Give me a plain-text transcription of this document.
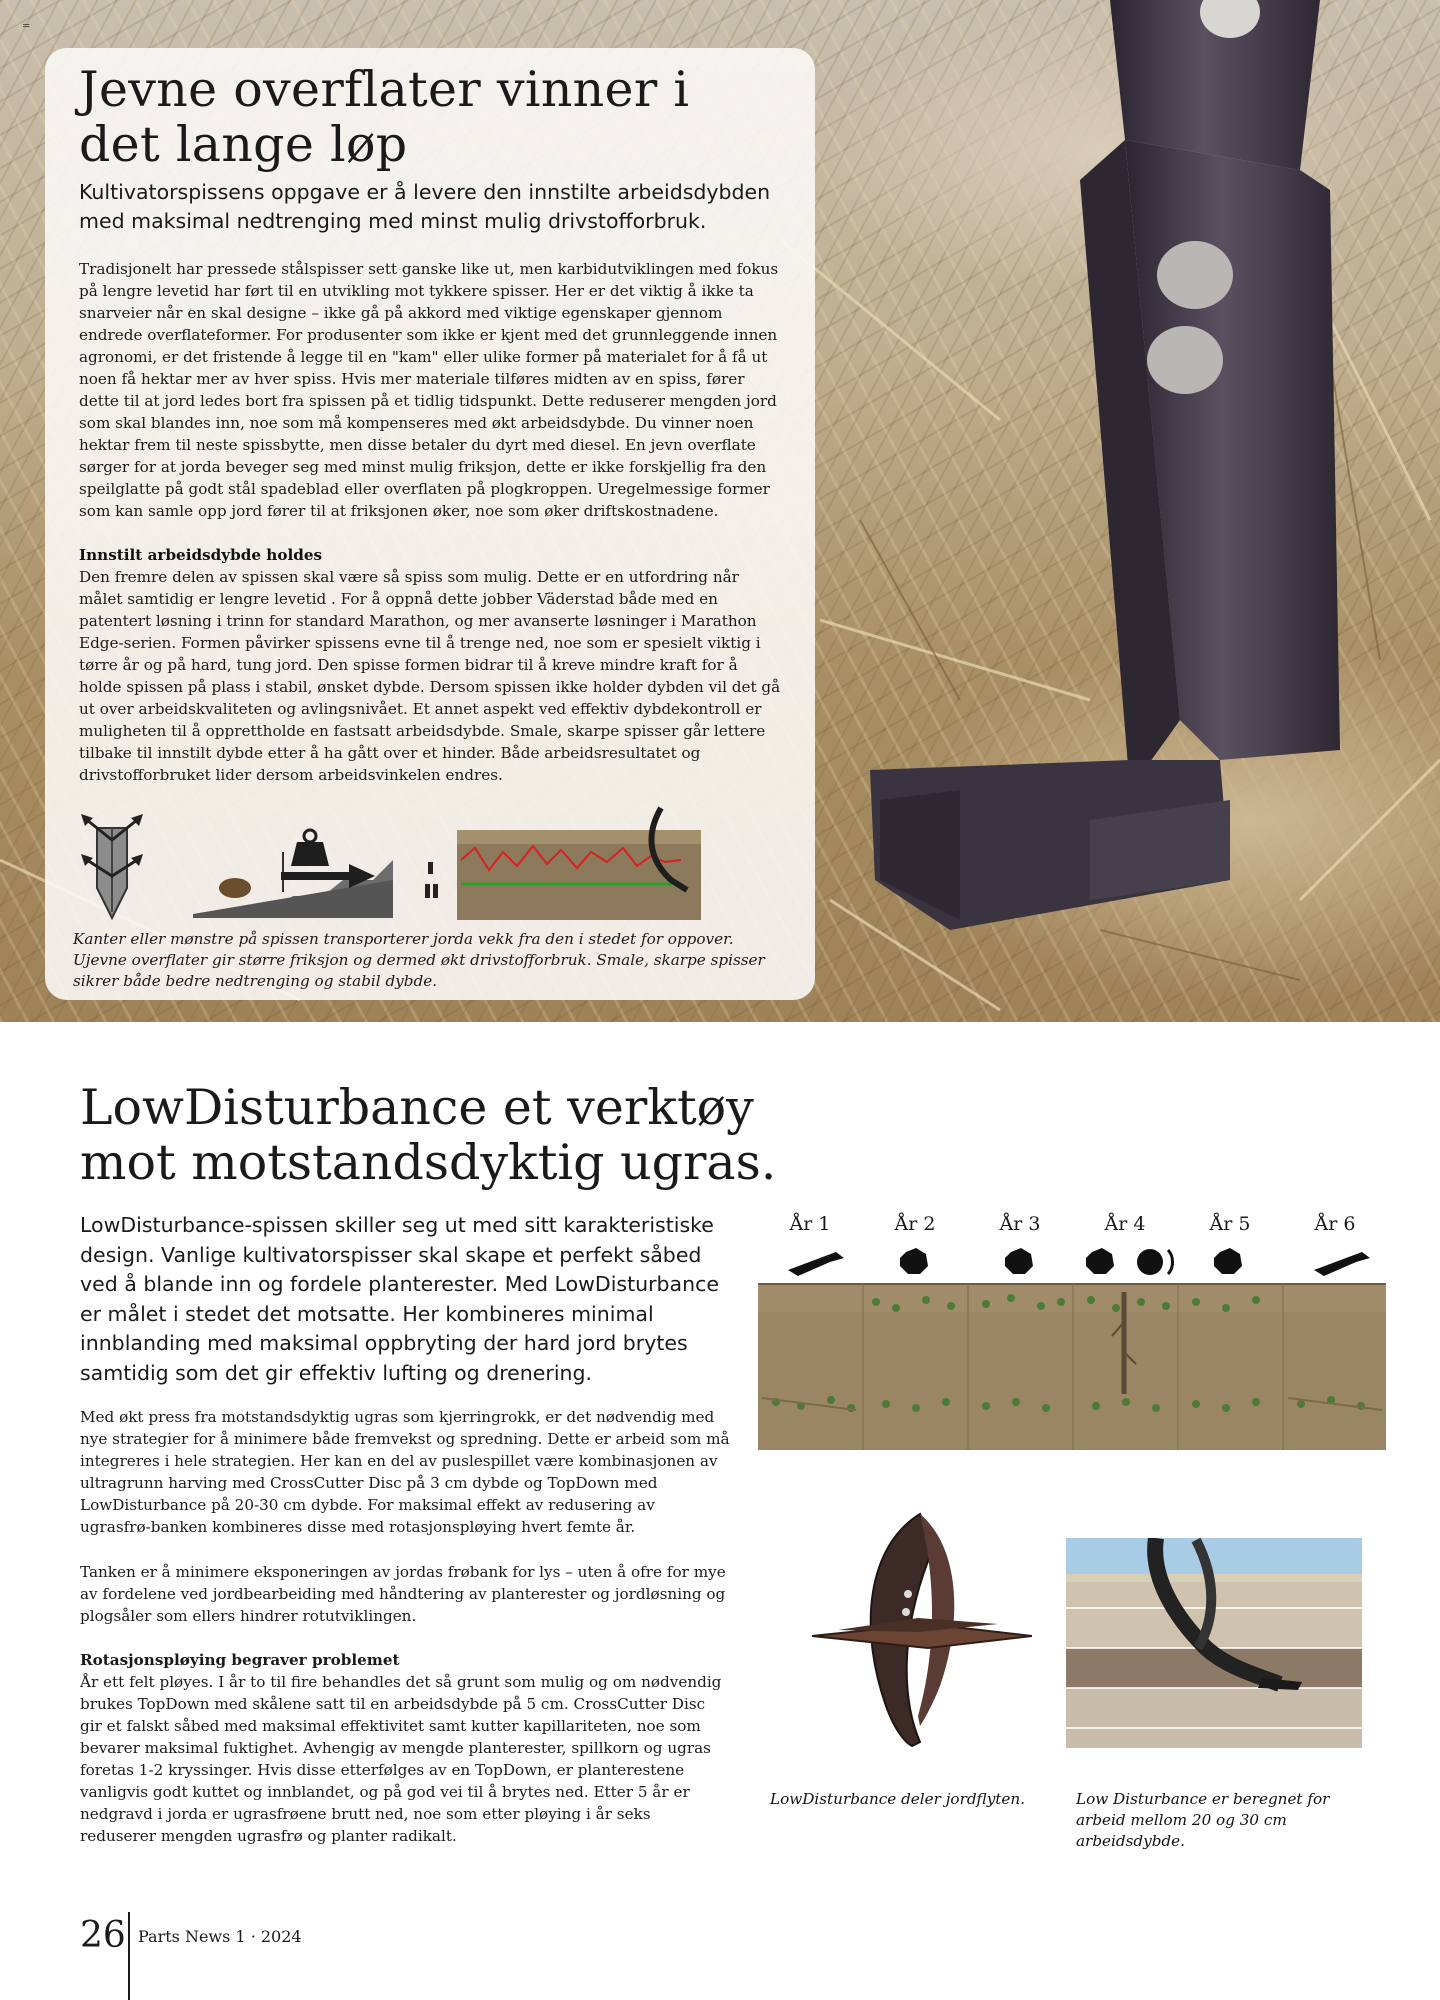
=
Jevne overflater vinner i det lange løp

Kultivatorspissens oppgave er å levere den innstilte arbeidsdybden med maksimal nedtrenging med minst mulig drivstofforbruk.

Tradisjonelt har pressede stålspisser sett ganske like ut, men karbidutviklingen med fokus på lengre levetid har ført til en utvikling mot tykkere spisser. Her er det viktig å ikke ta snarveier når en skal designe – ikke gå på akkord med viktige egenskaper gjennom endrede overflateformer. For produsenter som ikke er kjent med det grunnleggende innen agronomi, er det fristende å legge til en "kam" eller ulike former på materialet for å få ut noen få hektar mer av hver spiss. Hvis mer materiale tilføres midten av en spiss, fører dette til at jord ledes bort fra spissen på et tidlig tidspunkt. Dette reduserer mengden jord som skal blandes inn, noe som må kompenseres med økt arbeidsdybde. Du vinner noen hektar frem til neste spissbytte, men disse betaler du dyrt med diesel. En jevn overflate sørger for at jorda beveger seg med minst mulig friksjon, dette er ikke forskjellig fra den speilglatte på godt stål spadeblad eller overflaten på plogkroppen. Uregelmessige former som kan samle opp jord fører til at friksjonen øker, noe som øker driftskostnadene.

Innstilt arbeidsdybde holdes

Den fremre delen av spissen skal være så spiss som mulig. Dette er en utfordring når målet samtidig er lengre levetid . For å oppnå dette jobber Väderstad både med en patentert løsning i trinn for standard Marathon, og mer avanserte løsninger i Marathon Edge-serien. Formen påvirker spissens evne til å trenge ned, noe som er spesielt viktig i tørre år og på hard, tung jord. Den spisse formen bidrar til å kreve mindre kraft for å holde spissen på plass i stabil, ønsket dybde. Dersom spissen ikke holder dybden vil det gå ut over arbeidskvaliteten og avlingsnivået. Et annet aspekt ved effektiv dybdekontroll er muligheten til å opprettholde en fastsatt arbeidsdybde. Smale, skarpe spisser går lettere tilbake til innstilt dybde etter å ha gått over et hinder. Både arbeidsresultatet og drivstofforbruket lider dersom arbeidsvinkelen endres.

Kanter eller mønstre på spissen transporterer jorda vekk fra den i stedet for oppover. Ujevne overflater gir større friksjon og dermed økt drivstofforbruk. Smale, skarpe spisser sikrer både bedre nedtrenging og stabil dybde.

LowDisturbance et verktøy mot motstandsdyktig ugras.

LowDisturbance-spissen skiller seg ut med sitt karakteristiske design. Vanlige kultivatorspisser skal skape et perfekt såbed ved å blande inn og fordele planterester. Med LowDisturbance er målet i stedet det motsatte. Her kombineres minimal innblanding med maksimal oppbryting der hard jord brytes samtidig som det gir effektiv lufting og drenering.

Med økt press fra motstandsdyktig ugras som kjerringrokk, er det nødvendig med nye strategier for å minimere både fremvekst og spredning. Dette er arbeid som må integreres i hele strategien. Her kan en del av puslespillet være kombinasjonen av ultragrunn harving med CrossCutter Disc på 3 cm dybde og TopDown med LowDisturbance på 20-30 cm dybde. For maksimal effekt av redusering av ugrasfrø-banken kombineres disse med rotasjonspløying hvert femte år.

Tanken er å minimere eksponeringen av jordas frøbank for lys – uten å ofre for mye av fordelene ved jordbearbeiding med håndtering av planterester og jordløsning og plogsåler som ellers hindrer rotutviklingen.

Rotasjonspløying begraver problemet

År ett felt pløyes. I år to til fire behandles det så grunt som mulig og om nødvendig brukes TopDown med skålene satt til en arbeidsdybde på 5 cm. CrossCutter Disc gir et falskt såbed med maksimal effektivitet samt kutter kapillariteten, noe som bevarer maksimal fuktighet. Avhengig av mengde planterester, spillkorn og ugras foretas 1-2 kryssinger. Hvis disse etterfølges av en TopDown, er planterestene vanligvis godt kuttet og innblandet, og på god vei til å brytes ned. Etter 5 år er nedgravd i jorda er ugrasfrøene brutt ned, noe som etter pløying i år seks reduserer mengden ugrasfrø og planter radikalt.

År 1	År 2	År 3	År 4	År 5	År 6

LowDisturbance deler jordflyten.	Low Disturbance er beregnet for arbeid mellom 20 og 30 cm arbeidsdybde.

26 Parts News 1 · 2024
